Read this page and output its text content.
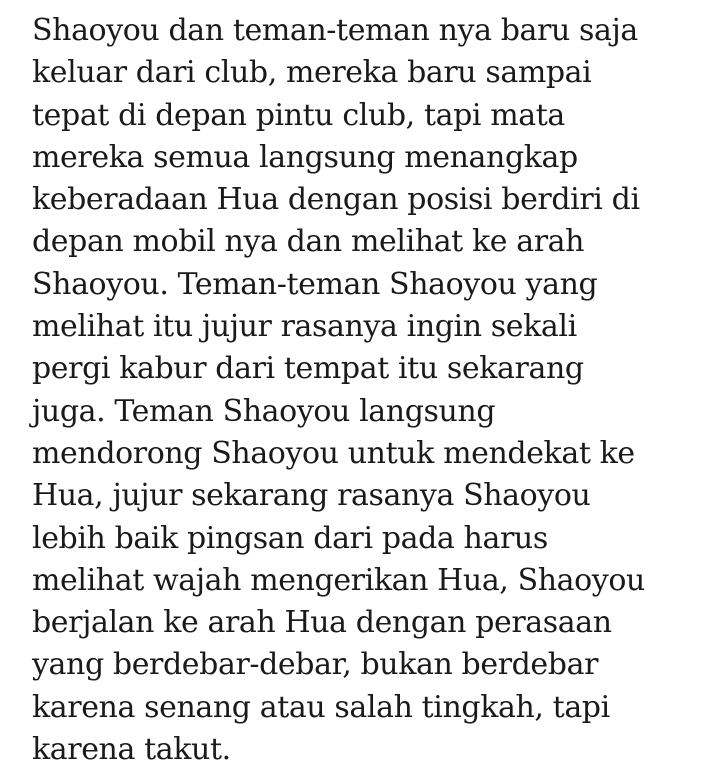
Shaoyou dan teman-teman nya baru saja
keluar dari club, mereka baru sampai
tepat di depan pintu club, tapi mata
mereka semua langsung menangkap
keberadaan Hua dengan posisi berdiri di
depan mobil nya dan melihat ke arah
Shaoyou. Teman-teman Shaoyou yang
melihat itu jujur rasanya ingin sekali
pergi kabur dari tempat itu sekarang
juga. Teman Shaoyou langsung
mendorong Shaoyou untuk mendekat ke
Hua, jujur sekarang rasanya Shaoyou
lebih baik pingsan dari pada harus
melihat wajah mengerikan Hua, Shaoyou
berjalan ke arah Hua dengan perasaan
yang berdebar-debar, bukan berdebar
karena senang atau salah tingkah, tapi
karena takut.
